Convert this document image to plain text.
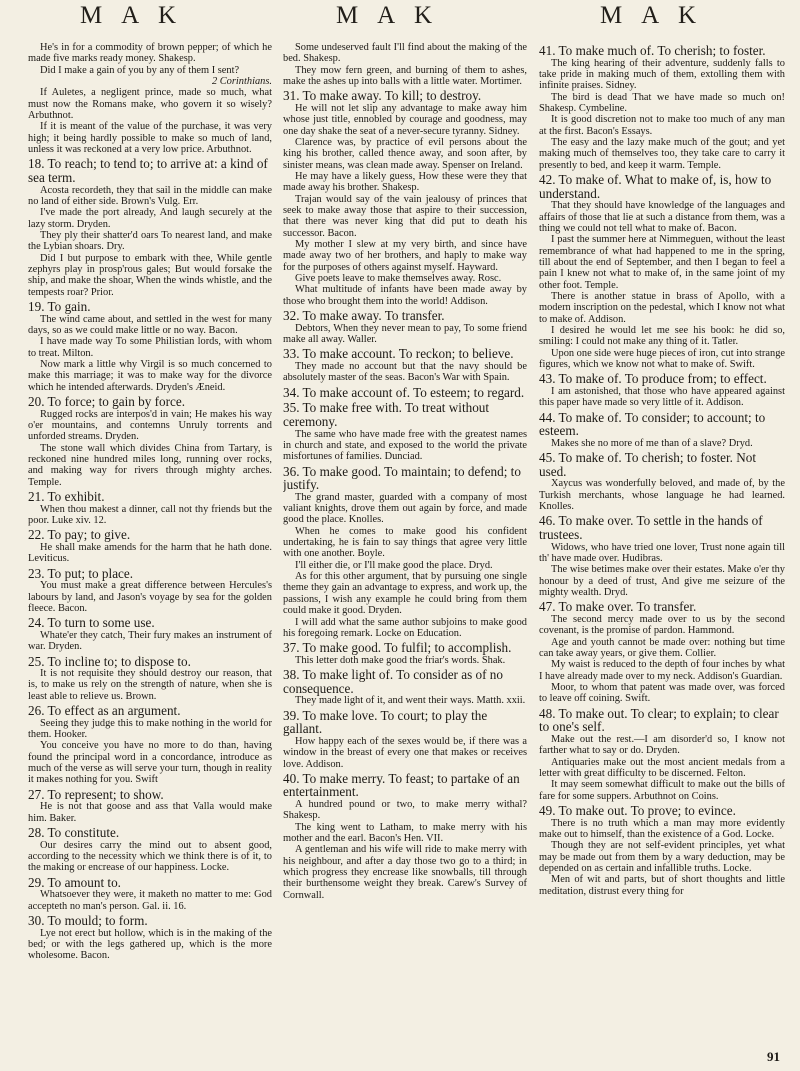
M A K	M A K	M A K

He's in for a commodity of brown pepper; of which he made five marks ready money. Shakesp.

Did I make a gain of you by any of them I sent?

2 Corinthians.

If Auletes, a negligent prince, made so much, what must now the Romans make, who govern it so wisely? Arbuthnot.

If it is meant of the value of the purchase, it was very high; it being hardly possible to make so much of land, unless it was reckoned at a very low price. Arbuthnot.

18. To reach; to tend to; to arrive at: a kind of sea term.

Acosta recordeth, they that sail in the middle can make no land of either side. Brown's Vulg. Err.

I've made the port already, And laugh securely at the lazy storm. Dryden.

They ply their shatter'd oars To nearest land, and make the Lybian shoars. Dry.

Did I but purpose to embark with thee, While gentle zephyrs play in prosp'rous gales; But would forsake the ship, and make the shoar, When the winds whistle, and the tempests roar? Prior.

19. To gain.

The wind came about, and settled in the west for many days, so as we could make little or no way. Bacon.

I have made way To some Philistian lords, with whom to treat. Milton.

Now mark a little why Virgil is so much concerned to make this marriage; it was to make way for the divorce which he intended afterwards. Dryden's Æneid.

20. To force; to gain by force.

Rugged rocks are interpos'd in vain; He makes his way o'er mountains, and contemns Unruly torrents and unforded streams. Dryden.

The stone wall which divides China from Tartary, is reckoned nine hundred miles long, running over rocks, and making way for rivers through mighty arches. Temple.

21. To exhibit.

When thou makest a dinner, call not thy friends but the poor. Luke xiv. 12.

22. To pay; to give.

He shall make amends for the harm that he hath done. Leviticus.

23. To put; to place.

You must make a great difference between Hercules's labours by land, and Jason's voyage by sea for the golden fleece. Bacon.

24. To turn to some use.

Whate'er they catch, Their fury makes an instrument of war. Dryden.

25. To incline to; to dispose to.

It is not requisite they should destroy our reason, that is, to make us rely on the strength of nature, when she is least able to relieve us. Brown.

26. To effect as an argument.

Seeing they judge this to make nothing in the world for them. Hooker.

You conceive you have no more to do than, having found the principal word in a concordance, introduce as much of the verse as will serve your turn, though in reality it makes nothing for you. Swift

27. To represent; to show.

He is not that goose and ass that Valla would make him. Baker.

28. To constitute.

Our desires carry the mind out to absent good, according to the necessity which we think there is of it, to the making or encrease of our happiness. Locke.

29. To amount to.

Whatsoever they were, it maketh no matter to me: God accepteth no man's person. Gal. ii. 16.

30. To mould; to form.

Lye not erect but hollow, which is in the making of the bed; or with the legs gathered up, which is the more wholesome. Bacon.

Some undeserved fault I'll find about the making of the bed. Shakesp.

They mow fern green, and burning of them to ashes, make the ashes up into balls with a little water. Mortimer.

31. To make away. To kill; to destroy.

He will not let slip any advantage to make away him whose just title, ennobled by courage and goodness, may one day shake the seat of a never-secure tyranny. Sidney.

Clarence was, by practice of evil persons about the king his brother, called thence away, and soon after, by sinister means, was clean made away. Spenser on Ireland.

He may have a likely guess, How these were they that made away his brother. Shakesp.

Trajan would say of the vain jealousy of princes that seek to make away those that aspire to their succession, that there was never king that did put to death his successor. Bacon.

My mother I slew at my very birth, and since have made away two of her brothers, and haply to make way for the purposes of others against myself. Hayward.

Give poets leave to make themselves away. Rosc.

What multitude of infants have been made away by those who brought them into the world! Addison.

32. To make away. To transfer.

Debtors, When they never mean to pay, To some friend make all away. Waller.

33. To make account. To reckon; to believe.

They made no account but that the navy should be absolutely master of the seas. Bacon's War with Spain.

34. To make account of. To esteem; to regard.

35. To make free with. To treat without ceremony.

The same who have made free with the greatest names in church and state, and exposed to the world the private misfortunes of families. Dunciad.

36. To make good. To maintain; to defend; to justify.

The grand master, guarded with a company of most valiant knights, drove them out again by force, and made good the place. Knolles.

When he comes to make good his confident undertaking, he is fain to say things that agree very little with one another. Boyle.

I'll either die, or I'll make good the place. Dryd.

As for this other argument, that by pursuing one single theme they gain an advantage to express, and work up, the passions, I wish any example he could bring from them could make it good. Dryden.

I will add what the same author subjoins to make good his foregoing remark. Locke on Education.

37. To make good. To fulfil; to accomplish.

This letter doth make good the friar's words. Shak.

38. To make light of. To consider as of no consequence.

They made light of it, and went their ways. Matth. xxii.

39. To make love. To court; to play the gallant.

How happy each of the sexes would be, if there was a window in the breast of every one that makes or receives love. Addison.

40. To make merry. To feast; to partake of an entertainment.

A hundred pound or two, to make merry withal? Shakesp.

The king went to Latham, to make merry with his mother and the earl. Bacon's Hen. VII.

A gentleman and his wife will ride to make merry with his neighbour, and after a day those two go to a third; in which progress they encrease like snowballs, till through their burthensome weight they break. Carew's Survey of Cornwall.

41. To make much of. To cherish; to foster.

The king hearing of their adventure, suddenly falls to take pride in making much of them, extolling them with infinite praises. Sidney.

The bird is dead That we have made so much on! Shakesp. Cymbeline.

It is good discretion not to make too much of any man at the first. Bacon's Essays.

The easy and the lazy make much of the gout; and yet making much of themselves too, they take care to carry it presently to bed, and keep it warm. Temple.

42. To make of. What to make of, is, how to understand.

That they should have knowledge of the languages and affairs of those that lie at such a distance from them, was a thing we could not tell what to make of. Bacon.

I past the summer here at Nimmeguen, without the least remembrance of what had happened to me in the spring, till about the end of September, and then I began to feel a pain I knew not what to make of, in the same joint of my other foot. Temple.

There is another statue in brass of Apollo, with a modern inscription on the pedestal, which I know not what to make of. Addison.

I desired he would let me see his book: he did so, smiling: I could not make any thing of it. Tatler.

Upon one side were huge pieces of iron, cut into strange figures, which we know not what to make of. Swift.

43. To make of. To produce from; to effect.

I am astonished, that those who have appeared against this paper have made so very little of it. Addison.

44. To make of. To consider; to account; to esteem.

Makes she no more of me than of a slave? Dryd.

45. To make of. To cherish; to foster. Not used.

Xaycus was wonderfully beloved, and made of, by the Turkish merchants, whose language he had learned. Knolles.

46. To make over. To settle in the hands of trustees.

Widows, who have tried one lover, Trust none again till th' have made over. Hudibras.

The wise betimes make over their estates. Make o'er thy honour by a deed of trust, And give me seizure of the mighty wealth. Dryd.

47. To make over. To transfer.

The second mercy made over to us by the second covenant, is the promise of pardon. Hammond.

Age and youth cannot be made over: nothing but time can take away years, or give them. Collier.

My waist is reduced to the depth of four inches by what I have already made over to my neck. Addison's Guardian.

Moor, to whom that patent was made over, was forced to leave off coining. Swift.

48. To make out. To clear; to explain; to clear to one's self.

Make out the rest.—I am disorder'd so, I know not farther what to say or do. Dryden.

Antiquaries make out the most ancient medals from a letter with great difficulty to be discerned. Felton.

It may seem somewhat difficult to make out the bills of fare for some suppers. Arbuthnot on Coins.

49. To make out. To prove; to evince.

There is no truth which a man may more evidently make out to himself, than the existence of a God. Locke.

Though they are not self-evident principles, yet what may be made out from them by a wary deduction, may be depended on as certain and infallible truths. Locke.

Men of wit and parts, but of short thoughts and little meditation, distrust every thing for

91
